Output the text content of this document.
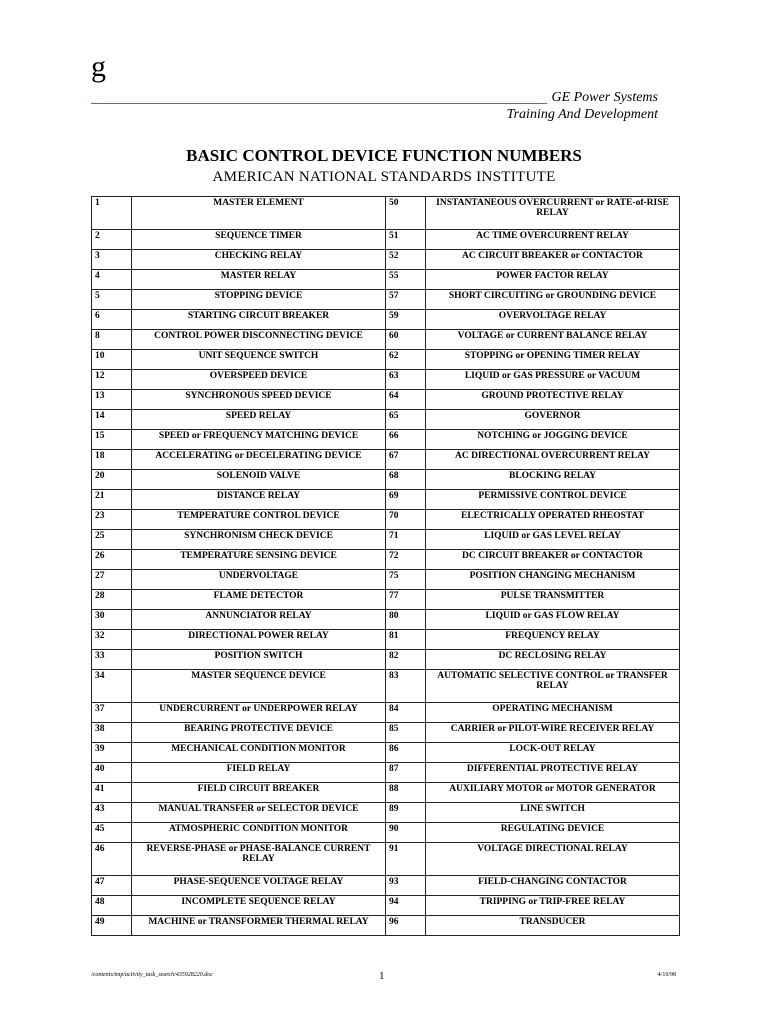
g
GE Power Systems
Training And Development
BASIC CONTROL DEVICE FUNCTION NUMBERS
AMERICAN NATIONAL STANDARDS INSTITUTE
1	MASTER ELEMENT	50	INSTANTANEOUS OVERCURRENT or RATE-of-RISE RELAY
2	SEQUENCE TIMER	51	AC TIME OVERCURRENT RELAY
3	CHECKING RELAY	52	AC CIRCUIT BREAKER or CONTACTOR
4	MASTER RELAY	55	POWER FACTOR RELAY
5	STOPPING DEVICE	57	SHORT CIRCUITING or GROUNDING DEVICE
6	STARTING CIRCUIT BREAKER	59	OVERVOLTAGE RELAY
8	CONTROL POWER DISCONNECTING DEVICE	60	VOLTAGE or CURRENT BALANCE RELAY
10	UNIT SEQUENCE SWITCH	62	STOPPING or OPENING TIMER RELAY
12	OVERSPEED DEVICE	63	LIQUID or GAS PRESSURE or VACUUM
13	SYNCHRONOUS SPEED DEVICE	64	GROUND PROTECTIVE RELAY
14	SPEED RELAY	65	GOVERNOR
15	SPEED or FREQUENCY MATCHING DEVICE	66	NOTCHING or JOGGING DEVICE
18	ACCELERATING or DECELERATING DEVICE	67	AC DIRECTIONAL OVERCURRENT RELAY
20	SOLENOID VALVE	68	BLOCKING RELAY
21	DISTANCE RELAY	69	PERMISSIVE CONTROL DEVICE
23	TEMPERATURE CONTROL DEVICE	70	ELECTRICALLY OPERATED RHEOSTAT
25	SYNCHRONISM CHECK DEVICE	71	LIQUID or GAS LEVEL RELAY
26	TEMPERATURE SENSING DEVICE	72	DC CIRCUIT BREAKER or CONTACTOR
27	UNDERVOLTAGE	75	POSITION CHANGING MECHANISM
28	FLAME DETECTOR	77	PULSE TRANSMITTER
30	ANNUNCIATOR RELAY	80	LIQUID or GAS FLOW RELAY
32	DIRECTIONAL POWER RELAY	81	FREQUENCY RELAY
33	POSITION SWITCH	82	DC RECLOSING RELAY
34	MASTER SEQUENCE DEVICE	83	AUTOMATIC SELECTIVE CONTROL or TRANSFER RELAY
37	UNDERCURRENT or UNDERPOWER RELAY	84	OPERATING MECHANISM
38	BEARING PROTECTIVE DEVICE	85	CARRIER or PILOT-WIRE RECEIVER RELAY
39	MECHANICAL CONDITION MONITOR	86	LOCK-OUT RELAY
40	FIELD RELAY	87	DIFFERENTIAL PROTECTIVE RELAY
41	FIELD CIRCUIT BREAKER	88	AUXILIARY MOTOR or MOTOR GENERATOR
43	MANUAL TRANSFER or SELECTOR DEVICE	89	LINE SWITCH
45	ATMOSPHERIC CONDITION MONITOR	90	REGULATING DEVICE
46	REVERSE-PHASE or PHASE-BALANCE CURRENT RELAY	91	VOLTAGE DIRECTIONAL RELAY
47	PHASE-SEQUENCE VOLTAGE RELAY	93	FIELD-CHANGING CONTACTOR
48	INCOMPLETE SEQUENCE RELAY	94	TRIPPING or TRIP-FREE RELAY
49	MACHINE or TRANSFORMER THERMAL RELAY	96	TRANSDUCER
/contents/tmp/activity_task_search/435928220.doc	1	4/10/98
